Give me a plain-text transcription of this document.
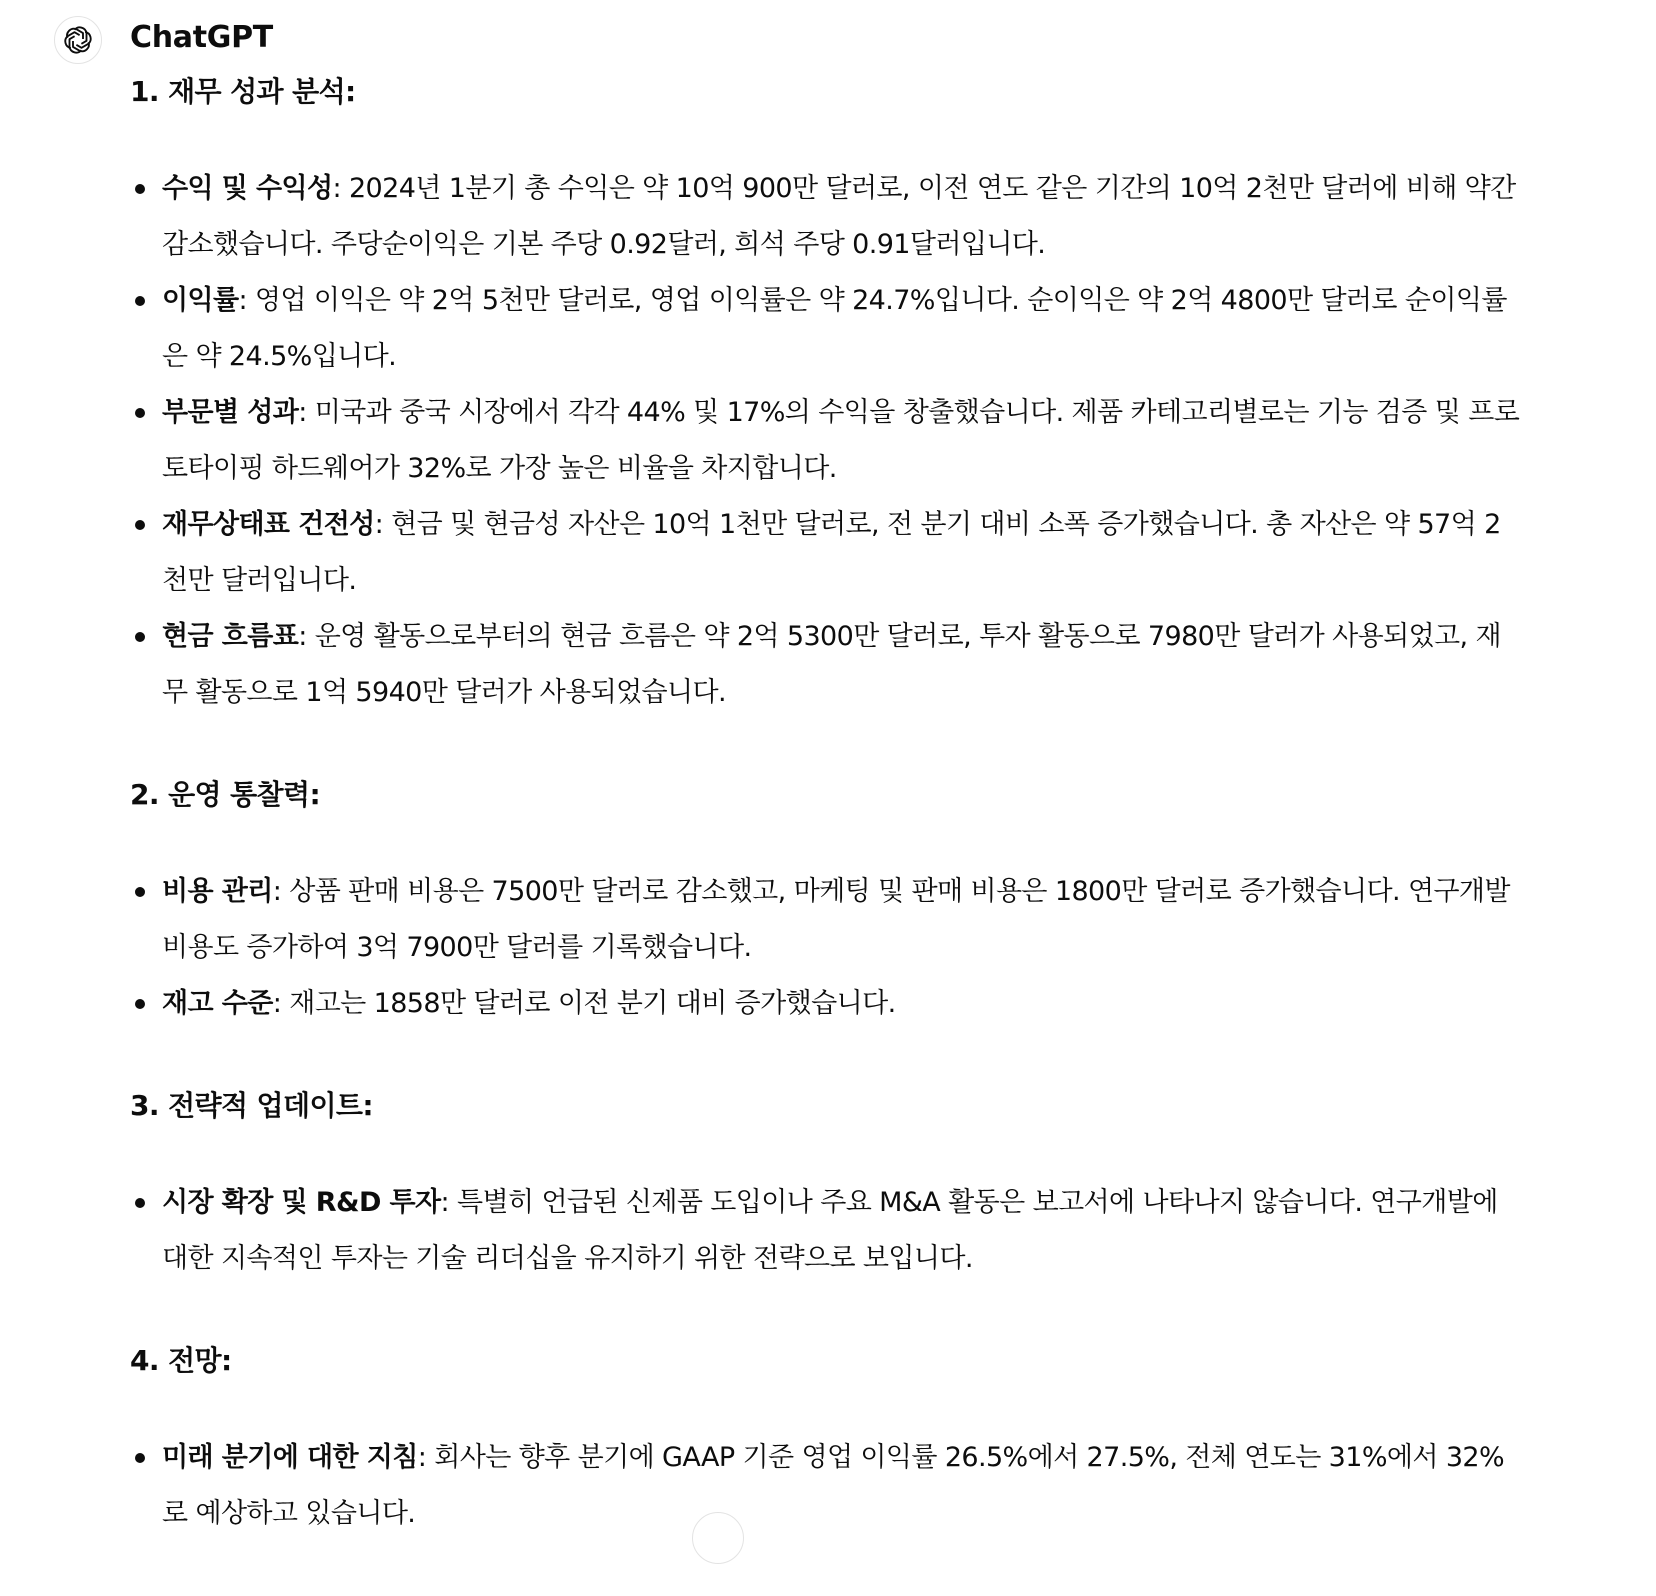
ChatGPT
1. 재무 성과 분석:
수익 및 수익성: 2024년 1분기 총 수익은 약 10억 900만 달러로, 이전 연도 같은 기간의 10억 2천만 달러에 비해 약간 감소했습니다. 주당순이익은 기본 주당 0.92달러, 희석 주당 0.91달러입니다.
이익률: 영업 이익은 약 2억 5천만 달러로, 영업 이익률은 약 24.7%입니다. 순이익은 약 2억 4800만 달러로 순이익률은 약 24.5%입니다.
부문별 성과: 미국과 중국 시장에서 각각 44% 및 17%의 수익을 창출했습니다. 제품 카테고리별로는 기능 검증 및 프로토타이핑 하드웨어가 32%로 가장 높은 비율을 차지합니다.
재무상태표 건전성: 현금 및 현금성 자산은 10억 1천만 달러로, 전 분기 대비 소폭 증가했습니다. 총 자산은 약 57억 2천만 달러입니다.
현금 흐름표: 운영 활동으로부터의 현금 흐름은 약 2억 5300만 달러로, 투자 활동으로 7980만 달러가 사용되었고, 재무 활동으로 1억 5940만 달러가 사용되었습니다.
2. 운영 통찰력:
비용 관리: 상품 판매 비용은 7500만 달러로 감소했고, 마케팅 및 판매 비용은 1800만 달러로 증가했습니다. 연구개발 비용도 증가하여 3억 7900만 달러를 기록했습니다.
재고 수준: 재고는 1858만 달러로 이전 분기 대비 증가했습니다.
3. 전략적 업데이트:
시장 확장 및 R&D 투자: 특별히 언급된 신제품 도입이나 주요 M&A 활동은 보고서에 나타나지 않습니다. 연구개발에 대한 지속적인 투자는 기술 리더십을 유지하기 위한 전략으로 보입니다.
4. 전망:
미래 분기에 대한 지침: 회사는 향후 분기에 GAAP 기준 영업 이익률 26.5%에서 27.5%, 전체 연도는 31%에서 32%로 예상하고 있습니다.
